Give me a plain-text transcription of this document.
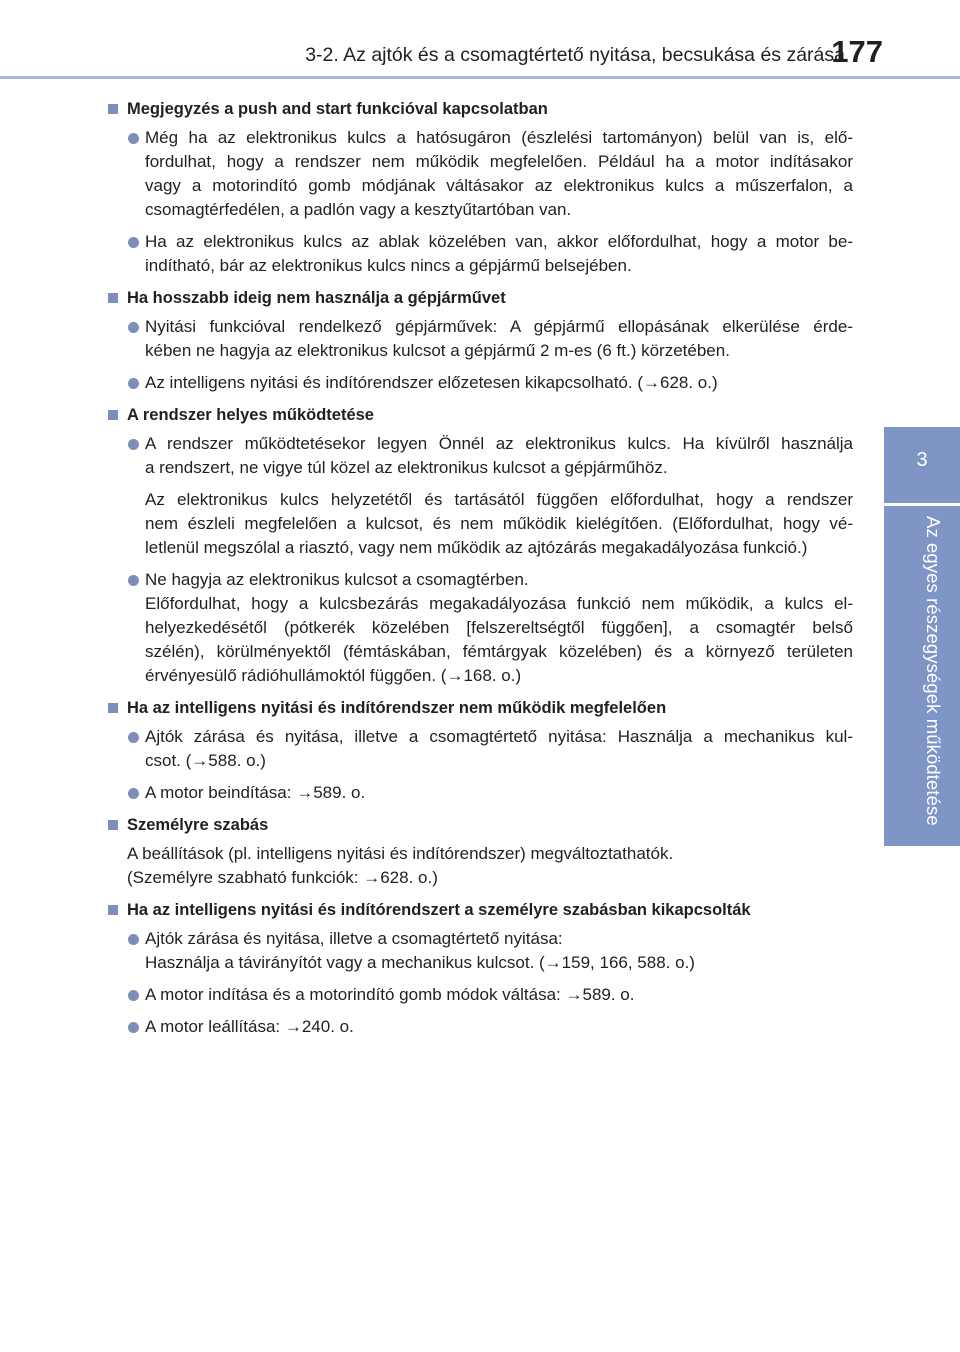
3-2. Az ajtók és a csomagtértető nyitása, becsukása és zárása
177
3
Az egyes részegységek működtetése
Megjegyzés a push and start funkcióval kapcsolatban
Még ha az elektronikus kulcs a hatósugáron (észlelési tartományon) belül van is, elő-
fordulhat, hogy a rendszer nem működik megfelelően. Például ha a motor indításakor
vagy a motorindító gomb módjának váltásakor az elektronikus kulcs a műszerfalon, a
csomagtérfedélen, a padlón vagy a kesztyűtartóban van.
Ha az elektronikus kulcs az ablak közelében van, akkor előfordulhat, hogy a motor be-
indítható, bár az elektronikus kulcs nincs a gépjármű belsejében.
Ha hosszabb ideig nem használja a gépjárművet
Nyitási funkcióval rendelkező gépjárművek: A gépjármű ellopásának elkerülése érde-
kében ne hagyja az elektronikus kulcsot a gépjármű 2 m-es (6 ft.) körzetében.
Az intelligens nyitási és indítórendszer előzetesen kikapcsolható. (→628. o.)
A rendszer helyes működtetése
A rendszer működtetésekor legyen Önnél az elektronikus kulcs. Ha kívülről használja
a rendszert, ne vigye túl közel az elektronikus kulcsot a gépjárműhöz.
Az elektronikus kulcs helyzetétől és tartásától függően előfordulhat, hogy a rendszer
nem észleli megfelelően a kulcsot, és nem működik kielégítően. (Előfordulhat, hogy vé-
letlenül megszólal a riasztó, vagy nem működik az ajtózárás megakadályozása funkció.)
Ne hagyja az elektronikus kulcsot a csomagtérben.
Előfordulhat, hogy a kulcsbezárás megakadályozása funkció nem működik, a kulcs el-
helyezkedésétől (pótkerék közelében [felszereltségtől függően], a csomagtér belső
szélén), körülményektől (fémtáskában, fémtárgyak közelében) és a környező területen
érvényesülő rádióhullámoktól függően. (→168. o.)
Ha az intelligens nyitási és indítórendszer nem működik megfelelően
Ajtók zárása és nyitása, illetve a csomagtértető nyitása: Használja a mechanikus kul-
csot. (→588. o.)
A motor beindítása: →589. o.
Személyre szabás
A beállítások (pl. intelligens nyitási és indítórendszer) megváltoztathatók.
(Személyre szabható funkciók: →628. o.)
Ha az intelligens nyitási és indítórendszert a személyre szabásban kikapcsolták
Ajtók zárása és nyitása, illetve a csomagtértető nyitása:
Használja a távirányítót vagy a mechanikus kulcsot. (→159, 166, 588. o.)
A motor indítása és a motorindító gomb módok váltása: →589. o.
A motor leállítása: →240. o.
